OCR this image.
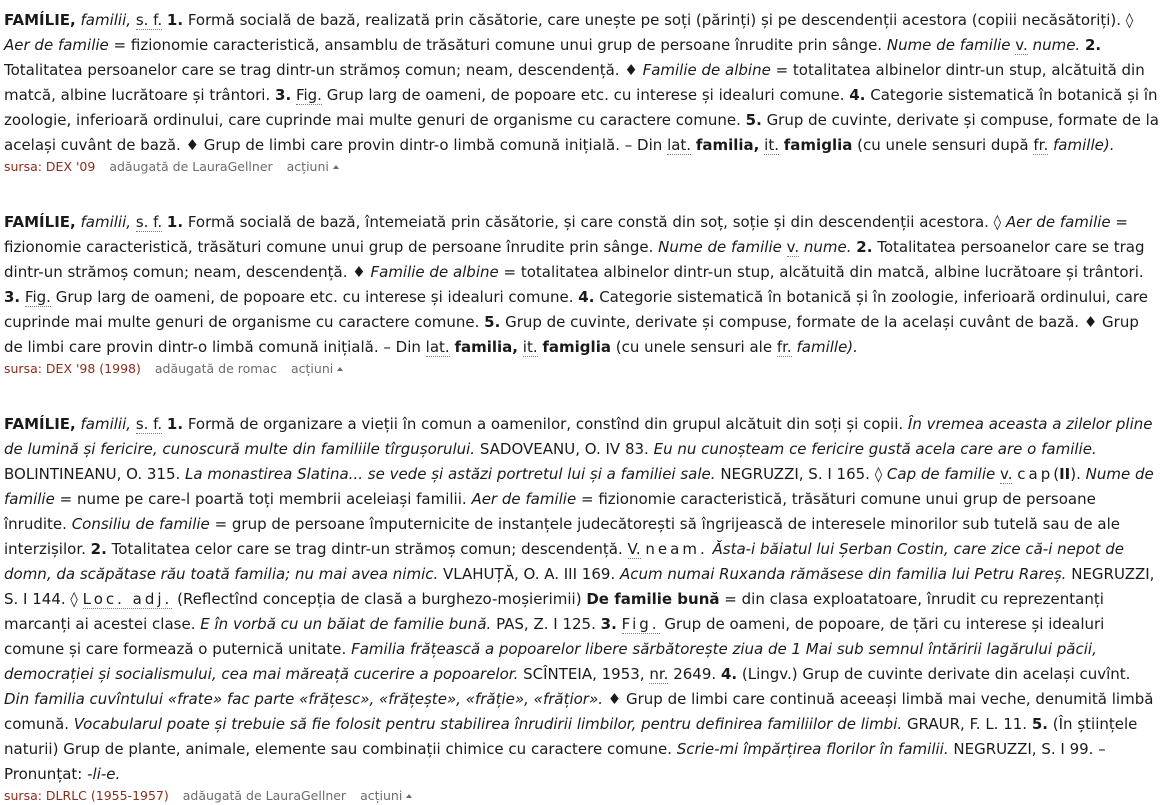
FAMÍLIE, familii, s. f. 1. Formă socială de bază, realizată prin căsătorie, care unește pe soți (părinți) și pe descendenții acestora (copiii necăsătoriți). ◊ Aer de familie = fizionomie caracteristică, ansamblu de trăsături comune unui grup de persoane înrudite prin sânge. Nume de familie v. nume. 2. Totalitatea persoanelor care se trag dintr-un strămoș comun; neam, descendență. ♦ Familie de albine = totalitatea albinelor dintr-un stup, alcătuită din matcă, albine lucrătoare și trântori. 3. Fig. Grup larg de oameni, de popoare etc. cu interese și idealuri comune. 4. Categorie sistematică în botanică și în zoologie, inferioară ordinului, care cuprinde mai multe genuri de organisme cu caractere comune. 5. Grup de cuvinte, derivate și compuse, formate de la același cuvânt de bază. ♦ Grup de limbi care provin dintr-o limbă comună inițială. – Din lat. familia, it. famiglia (cu unele sensuri după fr. famille).

sursa: DEX '09 adăugată de LauraGellner acțiuni

FAMÍLIE, familii, s. f. 1. Formă socială de bază, întemeiată prin căsătorie, și care constă din soț, soție și din descendenții acestora. ◊ Aer de familie = fizionomie caracteristică, trăsături comune unui grup de persoane înrudite prin sânge. Nume de familie v. nume. 2. Totalitatea persoanelor care se trag dintr-un strămoș comun; neam, descendență. ♦ Familie de albine = totalitatea albinelor dintr-un stup, alcătuită din matcă, albine lucrătoare și trântori. 3. Fig. Grup larg de oameni, de popoare etc. cu interese și idealuri comune. 4. Categorie sistematică în botanică și în zoologie, inferioară ordinului, care cuprinde mai multe genuri de organisme cu caractere comune. 5. Grup de cuvinte, derivate și compuse, formate de la același cuvânt de bază. ♦ Grup de limbi care provin dintr-o limbă comună inițială. – Din lat. familia, it. famiglia (cu unele sensuri ale fr. famille).

sursa: DEX '98 (1998) adăugată de romac acțiuni

FAMÍLIE, familii, s. f. 1. Formă de organizare a vieții în comun a oamenilor, constînd din grupul alcătuit din soți și copii. În vremea aceasta a zilelor pline de lumină și fericire, cunoscură multe din familiile tîrgușorului. SADOVEANU, O. IV 83. Eu nu cunoșteam ce fericire gustă acela care are o familie. BOLINTINEANU, O. 315. La monastirea Slatina... se vede și astăzi portretul lui și a familiei sale. NEGRUZZI, S. I 165. ◊ Cap de familie v. cap(II). Nume de familie = nume pe care-l poartă toți membrii aceleiași familii. Aer de familie = fizionomie caracteristică, trăsături comune unui grup de persoane înrudite. Consiliu de familie = grup de persoane împuternicite de instanțele judecătorești să îngrijească de interesele minorilor sub tutelă sau de ale interzișilor. 2. Totalitatea celor care se trag dintr-un strămoș comun; descendență. V. neam. Ăsta-i băiatul lui Șerban Costin, care zice că-i nepot de domn, da scăpătase rău toată familia; nu mai avea nimic. VLAHUȚĂ, O. A. III 169. Acum numai Ruxanda rămăsese din familia lui Petru Rareș. NEGRUZZI, S. I 144. ◊ Loc. adj. (Reflectînd concepția de clasă a burghezo-moșierimii) De familie bună = din clasa exploatatoare, înrudit cu reprezentanți marcanți ai acestei clase. E în vorbă cu un băiat de familie bună. PAS, Z. I 125. 3. Fig. Grup de oameni, de popoare, de țări cu interese și idealuri comune și care formează o puternică unitate. Familia frățească a popoarelor libere sărbătorește ziua de 1 Mai sub semnul întăririi lagărului păcii, democrației și socialismului, cea mai măreață cucerire a popoarelor. SCÎNTEIA, 1953, nr. 2649. 4. (Lingv.) Grup de cuvinte derivate din același cuvînt. Din familia cuvîntului «frate» fac parte «frățesc», «frățește», «frăție», «frățior». ♦ Grup de limbi care continuă aceeași limbă mai veche, denumită limbă comună. Vocabularul poate și trebuie să fie folosit pentru stabilirea înrudirii limbilor, pentru definirea familiilor de limbi. GRAUR, F. L. 11. 5. (În științele naturii) Grup de plante, animale, elemente sau combinații chimice cu caractere comune. Scrie-mi împărțirea florilor în familii. NEGRUZZI, S. I 99. – Pronunțat: -li-e.

sursa: DLRLC (1955-1957) adăugată de LauraGellner acțiuni
